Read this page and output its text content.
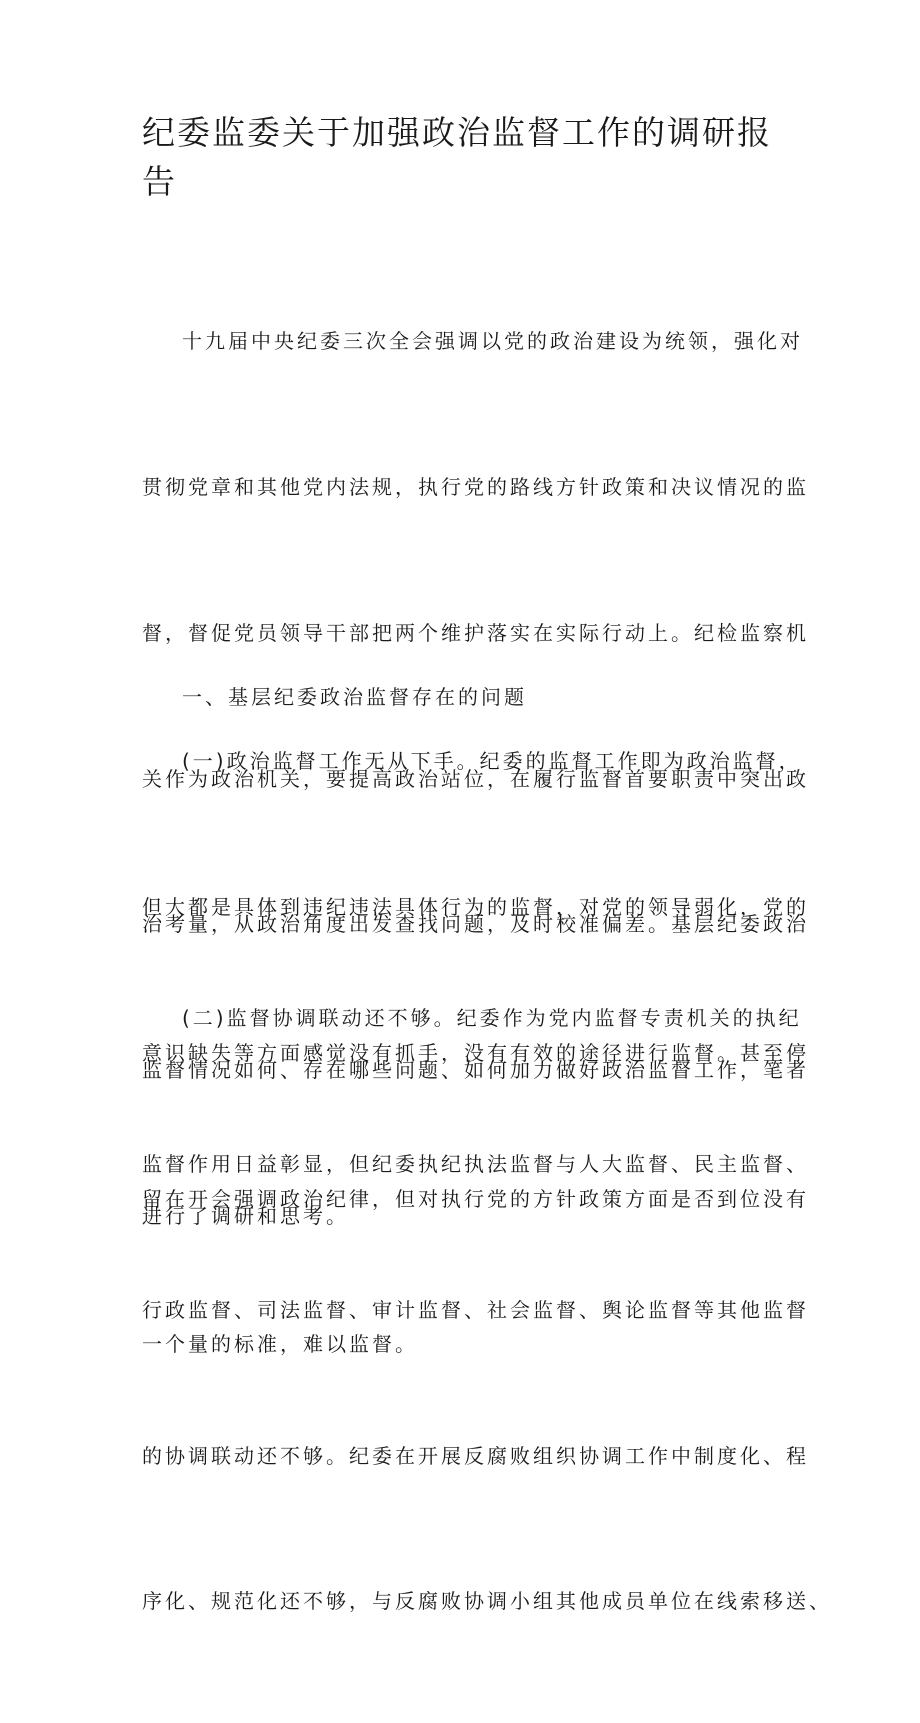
纪委监委关于加强政治监督工作的调研报
告

十九届中央纪委三次全会强调以党的政治建设为统领，强化对

贯彻党章和其他党内法规，执行党的路线方针政策和决议情况的监

督，督促党员领导干部把两个维护落实在实际行动上。纪检监察机

关作为政治机关，要提高政治站位，在履行监督首要职责中突出政

治考量，从政治角度出发查找问题，及时校准偏差。基层纪委政治

监督情况如何、存在哪些问题、如何加力做好政治监督工作，笔者

进行了调研和思考。

一、基层纪委政治监督存在的问题

(一)政治监督工作无从下手。纪委的监督工作即为政治监督，

但大都是具体到违纪违法具体行为的监督，对党的领导弱化，党的

意识缺失等方面感觉没有抓手，没有有效的途径进行监督。甚至停

留在开会强调政治纪律，但对执行党的方针政策方面是否到位没有

一个量的标准，难以监督。

(二)监督协调联动还不够。纪委作为党内监督专责机关的执纪

监督作用日益彰显，但纪委执纪执法监督与人大监督、民主监督、

行政监督、司法监督、审计监督、社会监督、舆论监督等其他监督

的协调联动还不够。纪委在开展反腐败组织协调工作中制度化、程

序化、规范化还不够，与反腐败协调小组其他成员单位在线索移送、
